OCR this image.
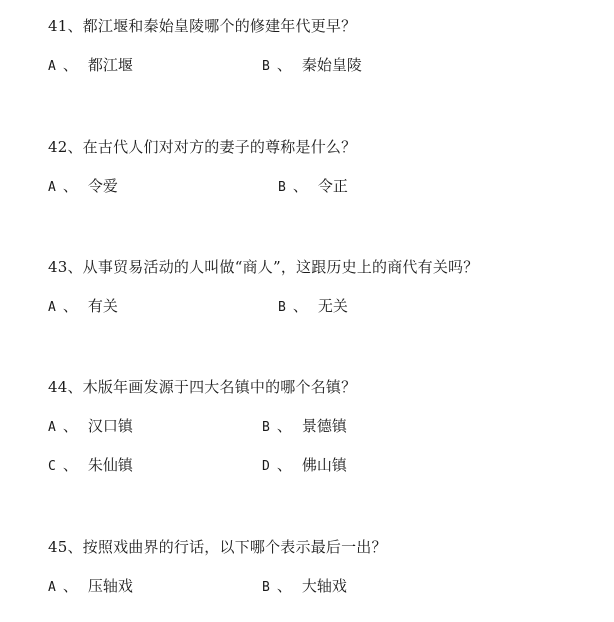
41、都江堰和秦始皇陵哪个的修建年代更早？
A 、 都江堰	B 、 秦始皇陵
42、在古代人们对对方的妻子的尊称是什么？
A 、 令爱	B 、 令正
43、从事贸易活动的人叫做“商人”，这跟历史上的商代有关吗？
A 、 有关	B 、 无关
44、木版年画发源于四大名镇中的哪个名镇？
A 、 汉口镇	B 、 景德镇
C 、 朱仙镇	D 、 佛山镇
45、按照戏曲界的行话，以下哪个表示最后一出？
A 、 压轴戏	B 、 大轴戏
